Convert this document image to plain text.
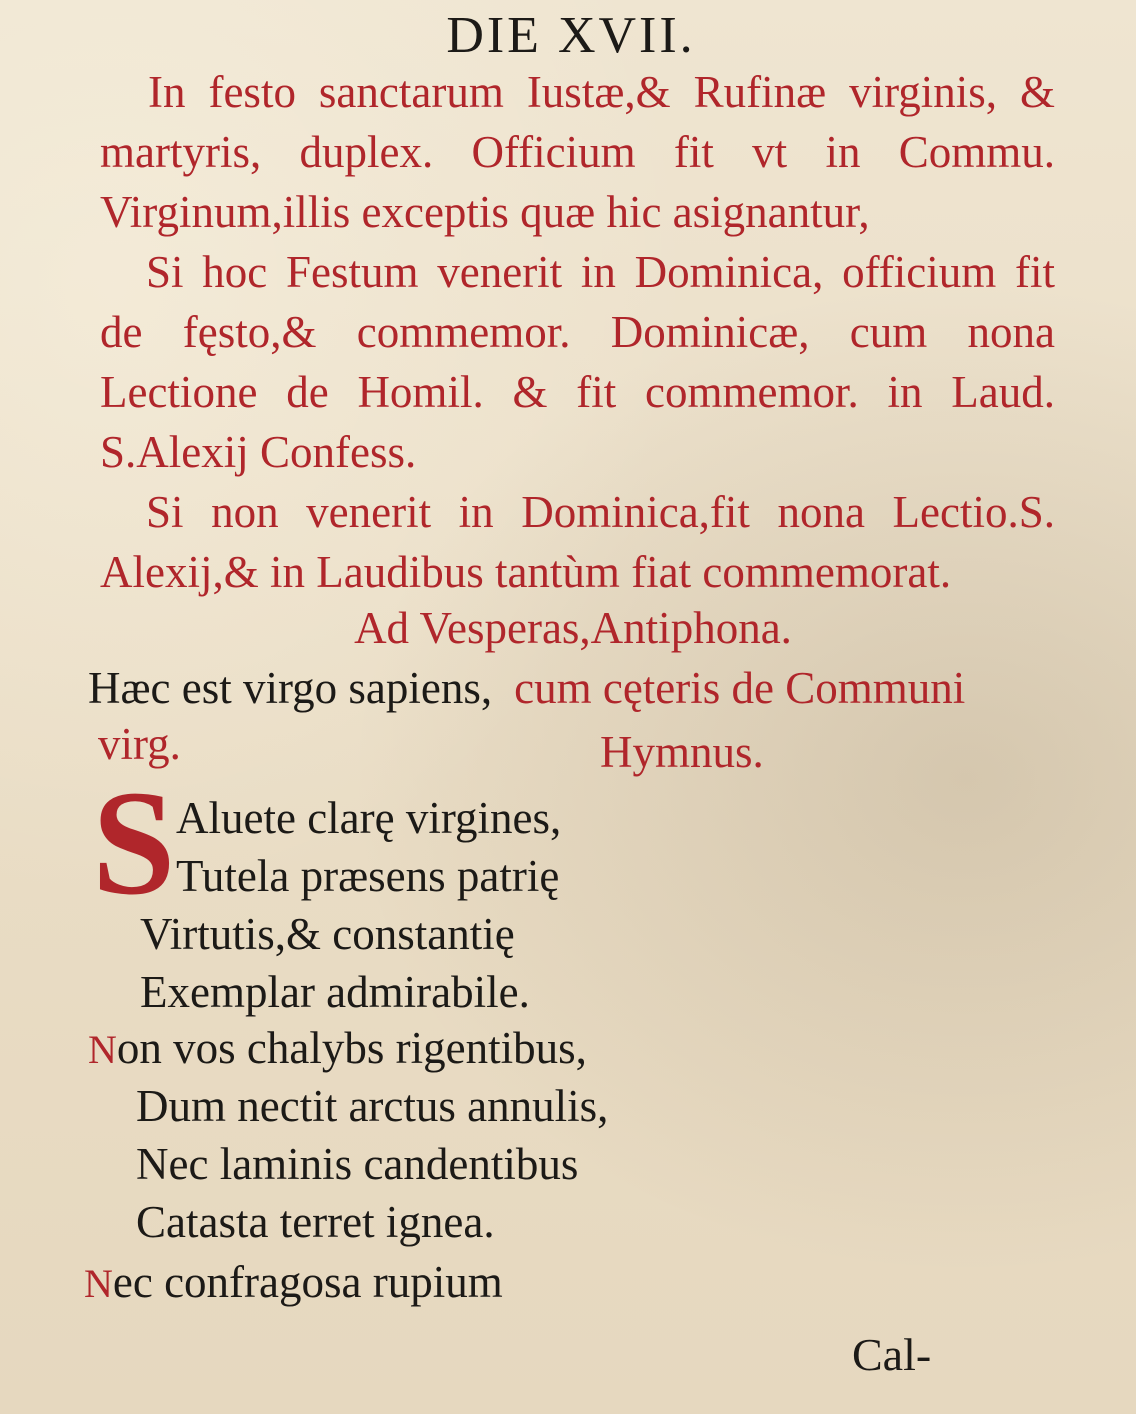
DIE XVII.
In festo sanctarum Iustæ,& Rufinæ virginis, & martyris, duplex. Officium fit vt in Commu. Virginum,illis exceptis quæ hic asignantur,
Si hoc Festum venerit in Dominica, officium fit de fęsto,& commemor. Dominicæ, cum nona Lectione de Homil. & fit commemor. in Laud. S.Alexij Confess.
Si non venerit in Dominica,fit nona Lectio.S. Alexij,& in Laudibus tantùm fiat commemorat.
Ad Vesperas,Antiphona.
Hæc est virgo sapiens, cum cęteris de Communi
virg.	Hymnus.
S Aluete clarę virgines,
Tutela præsens patrię
Virtutis,& constantię
Exemplar admirabile.
Non vos chalybs rigentibus,
Dum nectit arctus annulis,
Nec laminis candentibus
Catasta terret ignea.
Nec confragosa rupium
Cal-
